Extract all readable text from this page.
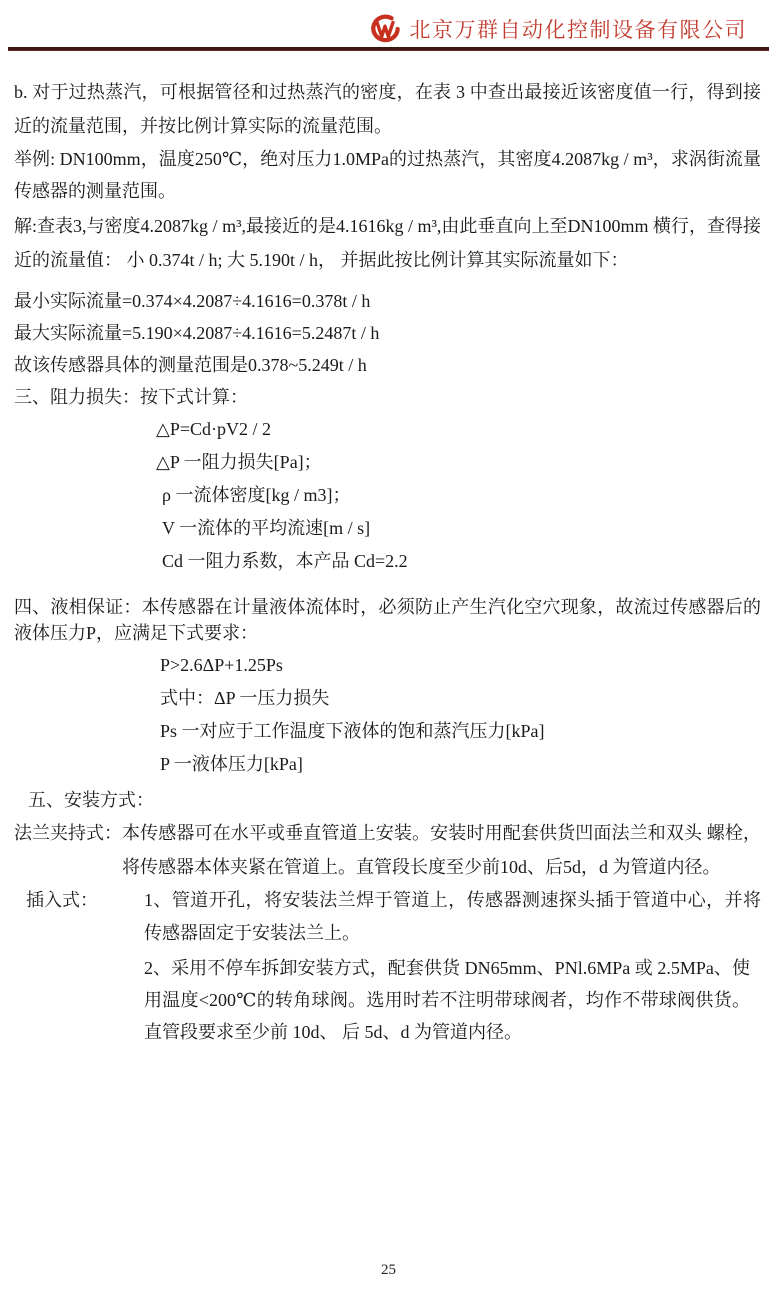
北京万群自动化控制设备有限公司

b. 对于过热蒸汽，可根据管径和过热蒸汽的密度，在表 3 中查出最接近该密度值一行，得到接近的流量范围，并按比例计算实际的流量范围。

举例: DN100mm，温度250℃，绝对压力1.0MPa的过热蒸汽，其密度4.2087kg / m³，求涡街流量传感器的测量范围。

解:查表3,与密度4.2087kg / m³,最接近的是4.1616kg / m³,由此垂直向上至DN100mm 横行，查得接近的流量值： 小 0.374t / h; 大 5.190t / h， 并据此按比例计算其实际流量如下：

最小实际流量=0.374×4.2087÷4.1616=0.378t / h

最大实际流量=5.190×4.2087÷4.1616=5.2487t / h

故该传感器具体的测量范围是0.378~5.249t / h

三、阻力损失：按下式计算：

△P=Cd·pV2 / 2
△P 一阻力损失[Pa]；
ρ 一流体密度[kg / m3]；
V 一流体的平均流速[m / s]
Cd 一阻力系数，本产品 Cd=2.2

四、液相保证：本传感器在计量液体流体时，必须防止产生汽化空穴现象，故流过传感器后的液体压力P，应满足下式要求：

P>2.6ΔP+1.25Ps
式中：ΔP 一压力损失
Ps 一对应于工作温度下液体的饱和蒸汽压力[kPa]
P 一液体压力[kPa]

五、安装方式：

法兰夹持式： 本传感器可在水平或垂直管道上安装。安装时用配套供货凹面法兰和双头 螺栓，将传感器本体夹紧在管道上。直管段长度至少前10d、后5d，d 为管道内径。
插入式：	1、管道开孔，将安装法兰焊于管道上，传感器测速探头插于管道中心，并将传感器固定于安装法兰上。

2、采用不停车拆卸安装方式，配套供货 DN65mm、PNl.6MPa 或 2.5MPa、使用温度<200℃的转角球阀。选用时若不注明带球阀者，均作不带球阀供货。直管段要求至少前 10d、 后 5d、d 为管道内径。

25
